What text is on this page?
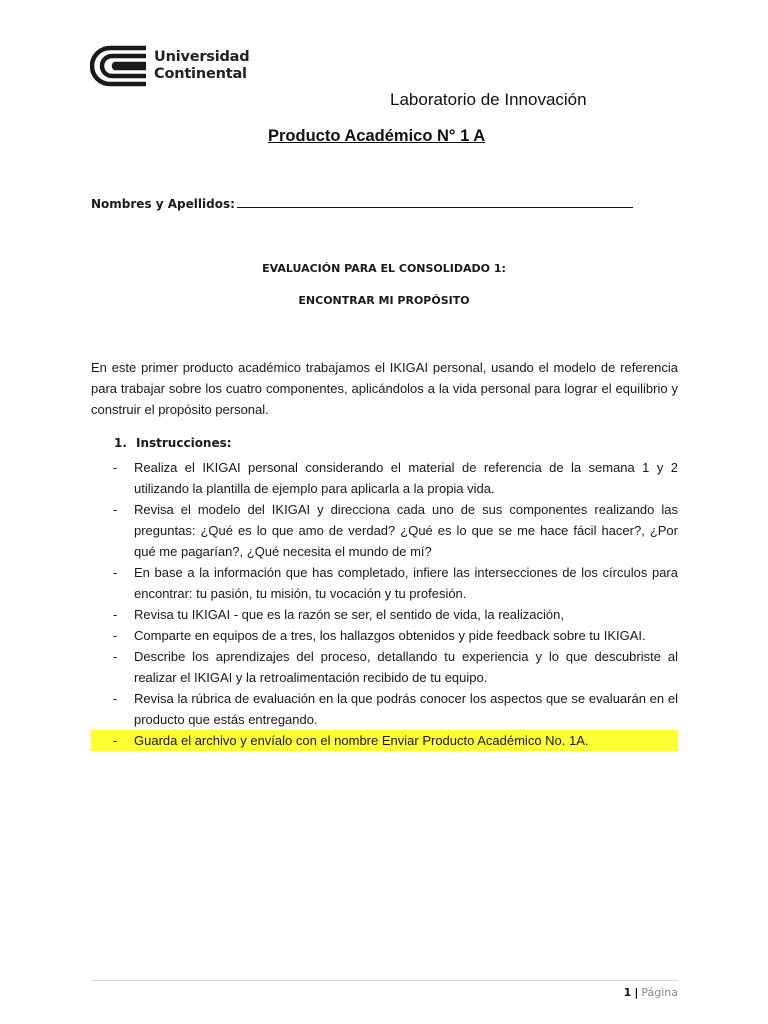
Universidad
Continental
Laboratorio de Innovación
Producto Académico N° 1 A
Nombres y Apellidos:
EVALUACIÓN PARA EL CONSOLIDADO 1:
ENCONTRAR MI PROPÓSITO
En este primer producto académico trabajamos el IKIGAI personal, usando el modelo de referencia para trabajar sobre los cuatro componentes, aplicándolos a la vida personal para lograr el equilibrio y construir el propósito personal.
1. Instrucciones:
- Realiza el IKIGAI personal considerando el material de referencia de la semana 1 y 2 utilizando la plantilla de ejemplo para aplicarla a la propia vida.
- Revisa el modelo del IKIGAI y direcciona cada uno de sus componentes realizando las preguntas: ¿Qué es lo que amo de verdad? ¿Qué es lo que se me hace fácil hacer?, ¿Por qué me pagarían?, ¿Qué necesita el mundo de mí?
- En base a la información que has completado, infiere las intersecciones de los círculos para encontrar: tu pasión, tu misión, tu vocación y tu profesión.
- Revisa tu IKIGAI - que es la razón se ser, el sentido de vida, la realización,
- Comparte en equipos de a tres, los hallazgos obtenidos y pide feedback sobre tu IKIGAI.
- Describe los aprendizajes del proceso, detallando tu experiencia y lo que descubriste al realizar el IKIGAI y la retroalimentación recibido de tu equipo.
- Revisa la rúbrica de evaluación en la que podrás conocer los aspectos que se evaluarán en el producto que estás entregando.
- Guarda el archivo y envíalo con el nombre Enviar Producto Académico No. 1A.
1 | Página
